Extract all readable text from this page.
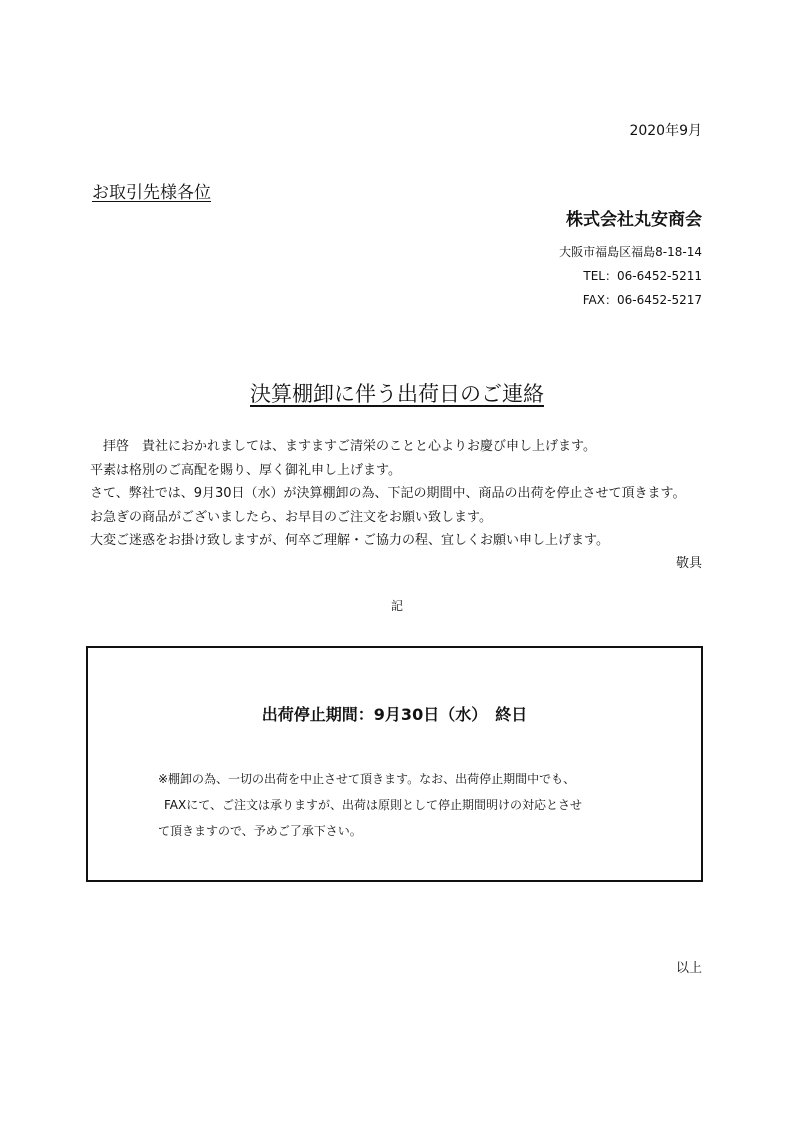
2020年9月
お取引先様各位
株式会社丸安商会
大阪市福島区福島8-18-14
TEL：06-6452-5211
FAX：06-6452-5217
決算棚卸に伴う出荷日のご連絡
　拝啓　貴社におかれましては、ますますご清栄のことと心よりお慶び申し上げます。
平素は格別のご高配を賜り、厚く御礼申し上げます。
さて、弊社では、9月30日（水）が決算棚卸の為、下記の期間中、商品の出荷を停止させて頂きます。
お急ぎの商品がございましたら、お早目のご注文をお願い致します。
大変ご迷惑をお掛け致しますが、何卒ご理解・ご協力の程、宜しくお願い申し上げます。
敬具
記
出荷停止期間：9月30日（水）　終日
※棚卸の為、一切の出荷を中止させて頂きます。なお、出荷停止期間中でも、
FAXにて、ご注文は承りますが、出荷は原則として停止期間明けの対応とさせ
て頂きますので、予めご了承下さい。
以上
